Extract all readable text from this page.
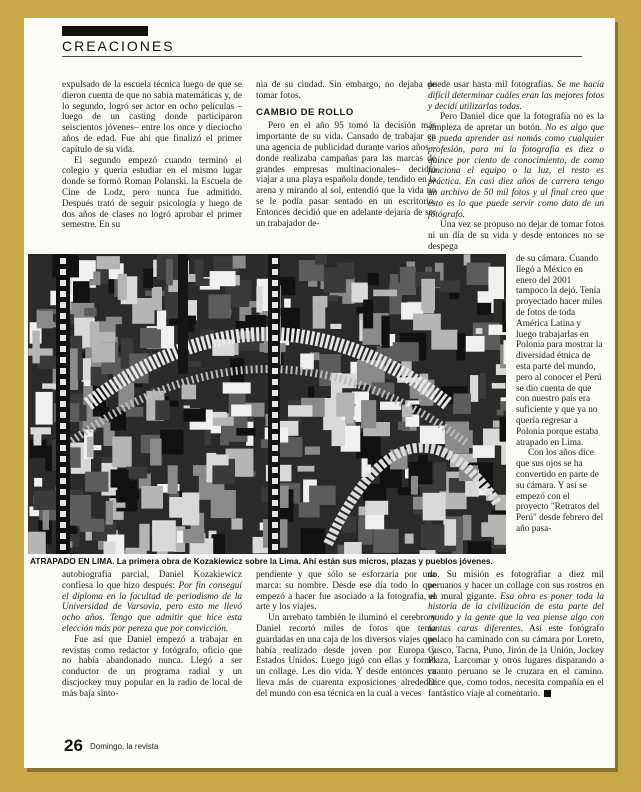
CREACIONES

expulsado de la escuela técnica luego de que se dieron cuenta de que no sabía matemáticas y, de lo segundo, logró ser actor en ocho películas –luego de un casting donde participaron seiscientos jóvenes– entre los once y dieciocho años de edad. Fue ahí que finalizó el primer capítulo de su vida.

El segundo empezó cuando terminó el colegio y quería estudiar en el mismo lugar donde se formó Roman Polanski. la Escuela de Cine de Lodz, pero nunca fue admitido. Después trató de seguir psicología y luego de dos años de clases no logró aprobar el primer semestre. En su

nia de su ciudad. Sin embargo, no dejaba de tomar fotos.

CAMBIO DE ROLLO

Pero en el año 95 tomó la decisión más importante de su vida. Cansado de trabajar en una agencia de publicidad durante varios años –donde realizaba campañas para las marcas de grandes empresas multinacionales– decidió viajar a una playa española donde, tendido en la arena y mirando al sol, entendió que la vida no se le podía pasar sentado en un escritorio. Entonces decidió que en adelante dejaría de ser un trabajador de-

puede usar hasta mil fotografías. Se me hacía difícil determinar cuáles eran las mejores fotos y decidí utilizarlas todas.

Pero Daniel dice que la fotografía no es la simpleza de apretar un botón. No es algo que se pueda aprender así nomás como cualquier profesión, para mí la fotografía es diez o quince por ciento de conocimiento, de como funciona el equipo o la luz, el resto es práctica. En casi diez años de carrera tengo un archivo de 50 mil fotos y al final creo que esto es lo que puede servir como dato de un fotógrafo.

Una vez se propuso no dejar de tomar fotos ni un día de su vida y desde entonces no se despega

ATRAPADO EN LIMA. La primera obra de Kozakiewicz sobre la Lima. Ahí están sus micros, plazas y pueblos jóvenes.

de su cámara. Cuando llegó a México en enero del 2001 tampoco la dejó. Tenía proyectado hacer miles de fotos de toda América Latina y luego trabajarlas en Polonia para mostrar la diversidad étnica de esta parte del mundo, pero al conocer el Perú se dio cuenta de que con nuestro país era suficiente y que ya no quería regresar a Polonia porque estaba atrapado en Lima.

Con los años dice que sus ojos se ha convertido en parte de su cámara. Y así se empezó con el proyecto "Retratos del Perú" desde febrero del año pasa-

autobiografía parcial, Daniel Kozakiewicz confiesa lo que hizo después: Por fin conseguí el diploma en la facultad de periodismo de la Universidad de Varsovia, pero esto me llevó ocho años. Tengo que admitir que hice esta elección más por pereza que por convicción.

Fue así que Daniel empezó a trabajar en revistas como redactor y fotógrafo, oficio que no había abandonado nunca. Llegó a ser conductor de un programa radial y un discjockey muy popular en la radio de local de más baja sinto-

pendiente y que sólo se esforzaría por una marca: su nombre. Desde ese día todo lo que empezó a hacer fue asociado a la fotografía, el arte y los viajes.

Un arrebato también le iluminó el cerebro y Daniel recortó miles de fotos que tenía guardadas en una caja de los diversos viajes que había realizado desde joven por Europa y Estados Unidos. Luego jugó con ellas y formó un collage. Les dio vida. Y desde entonces ya lleva más de cuarenta exposiciones alrededor del mundo con esa técnica en la cual a veces

do. Su misión es fotografiar a diez mil peruanos y hacer un collage con sus rostros en un mural gigante. Esa obra es poner toda la historia de la civilización de esta parte del mundo y la gente que la vea piense algo con tantas caras diferentes. Así este fotógrafo polaco ha caminado con su cámara por Loreto, Cusco, Tacna, Puno, Jirón de la Unión, Jockey Plaza, Larcomar y otros lugares disparando a cuanto peruano se le cruzara en el camino. Dice que, como todos, necesita compañía en el fantástico viaje al comentario.

26 Domingo, la revista
